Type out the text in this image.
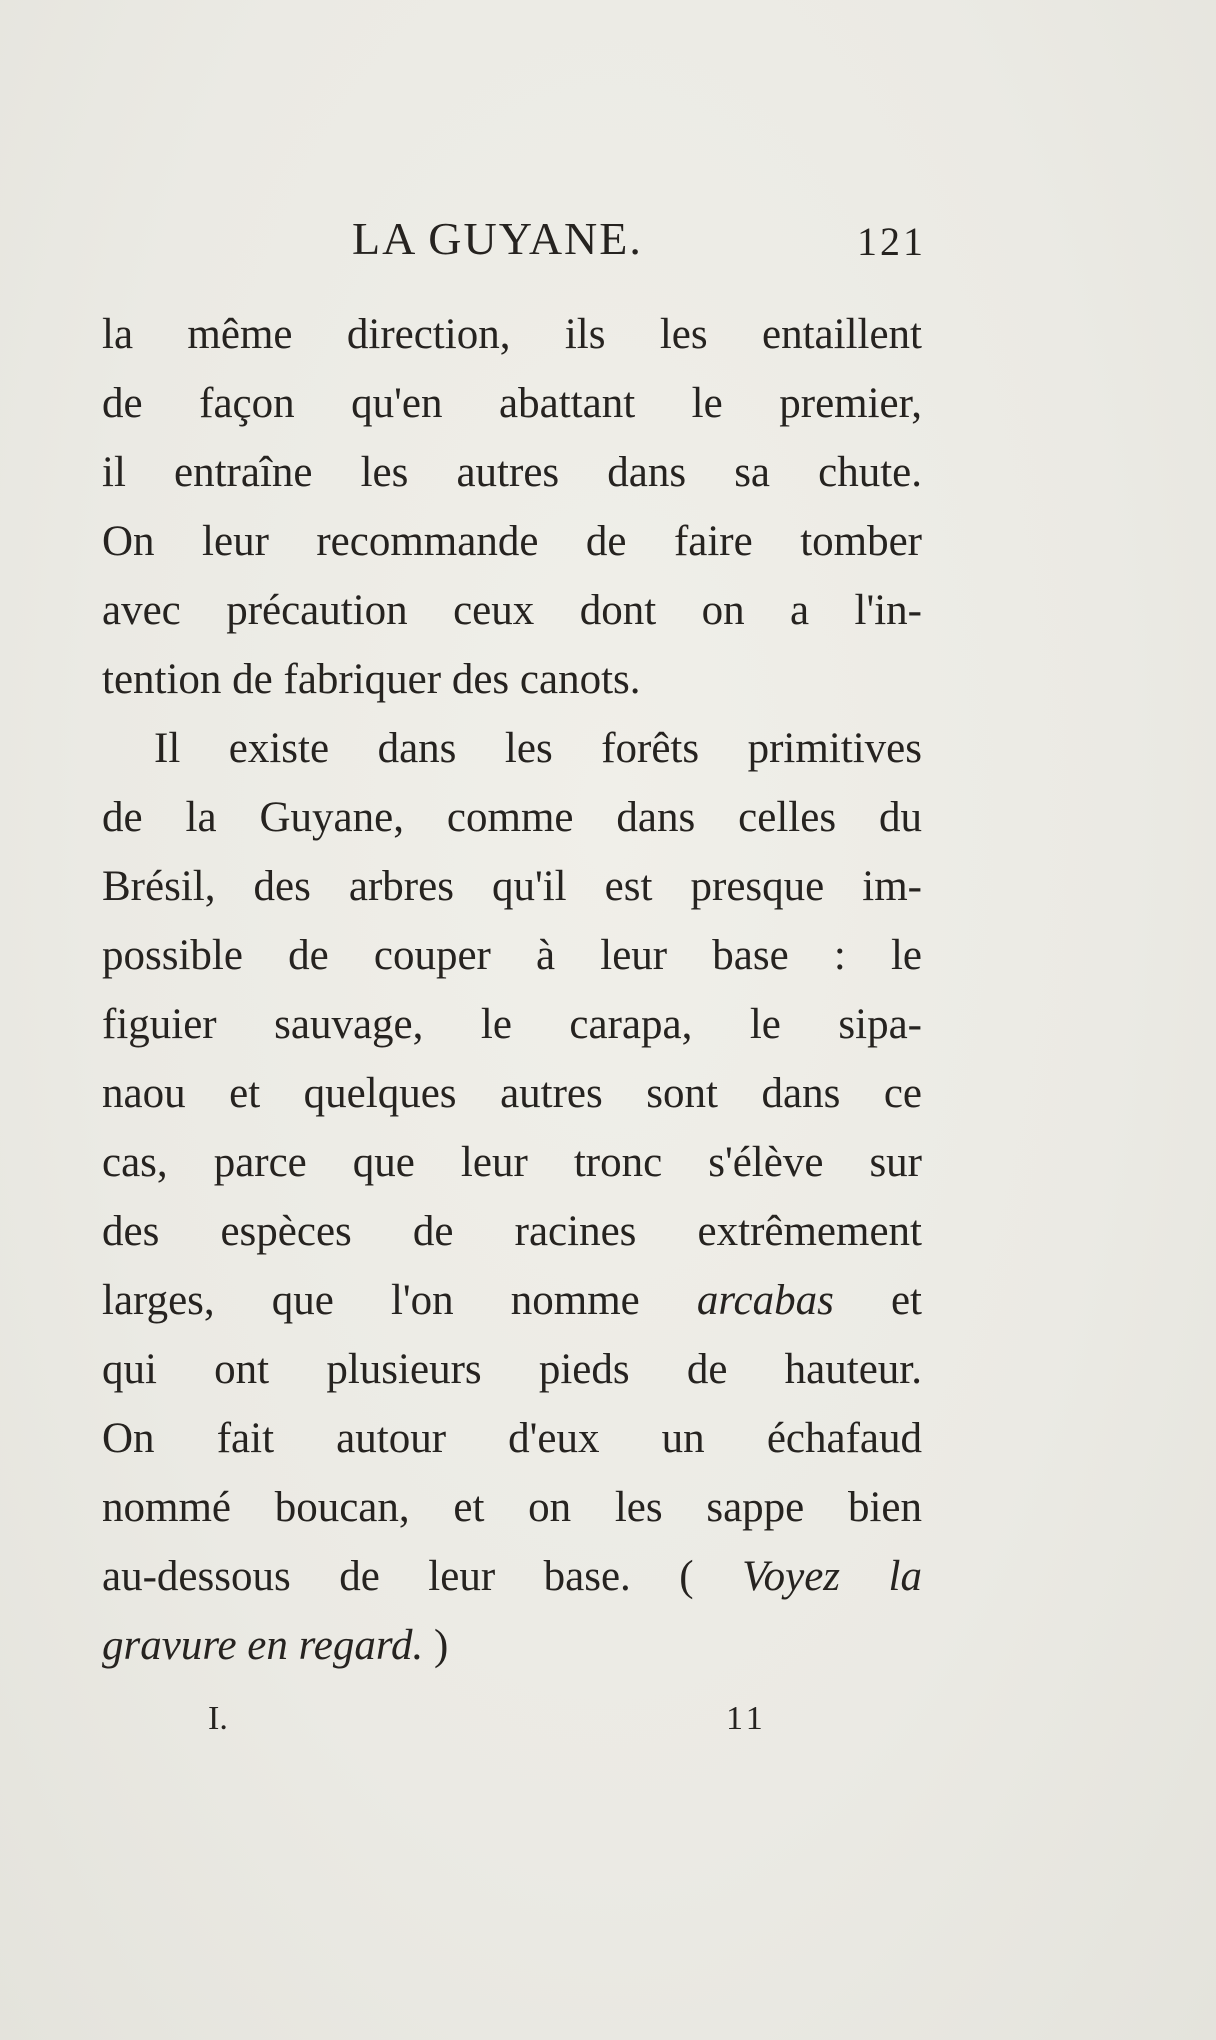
LA GUYANE.	121
la même direction, ils les entaillent
de façon qu'en abattant le premier,
il entraîne les autres dans sa chute.
On leur recommande de faire tomber
avec précaution ceux dont on a l'in-
tention de fabriquer des canots.
Il existe dans les forêts primitives
de la Guyane, comme dans celles du
Brésil, des arbres qu'il est presque im-
possible de couper à leur base : le
figuier sauvage, le carapa, le sipa-
naou et quelques autres sont dans ce
cas, parce que leur tronc s'élève sur
des espèces de racines extrêmement
larges, que l'on nomme arcabas et
qui ont plusieurs pieds de hauteur.
On fait autour d'eux un échafaud
nommé boucan, et on les sappe bien
au-dessous de leur base. ( Voyez la
gravure en regard. )
I.	11
